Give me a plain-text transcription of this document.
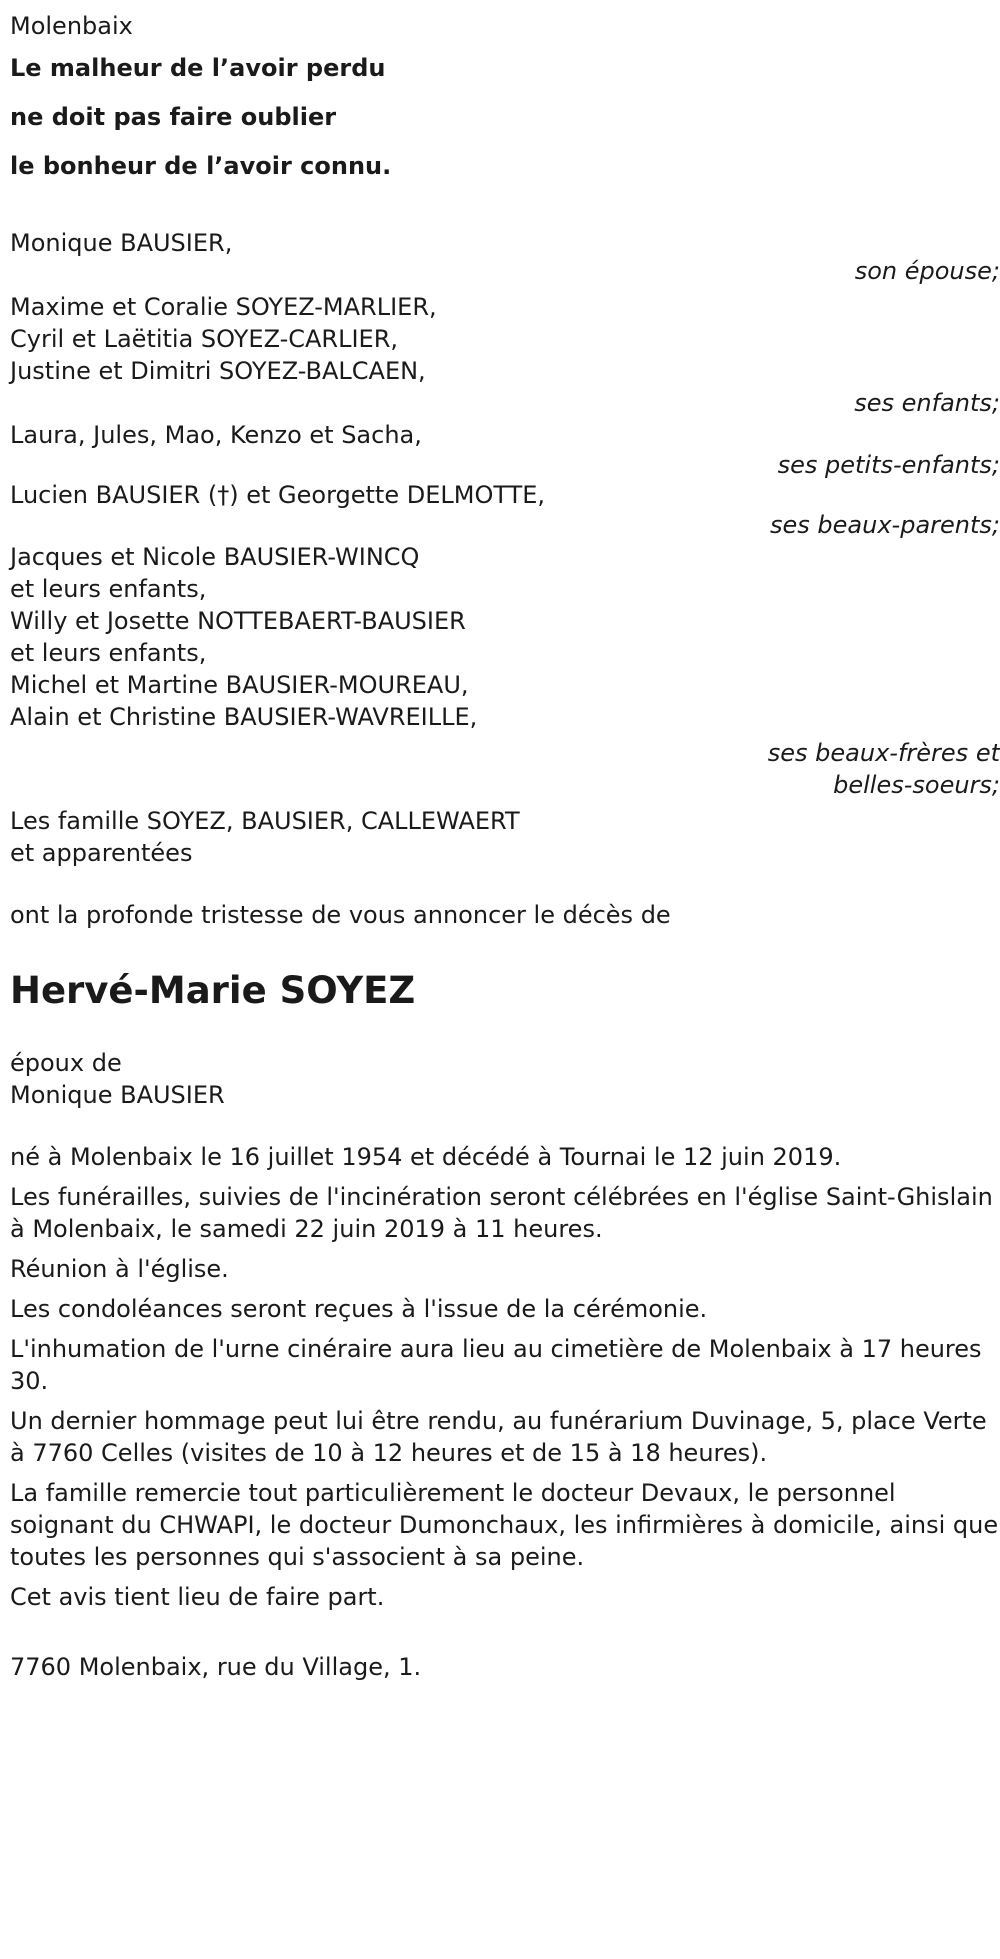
Molenbaix
Le malheur de l’avoir perdu
ne doit pas faire oublier
le bonheur de l’avoir connu.
Monique BAUSIER,
son épouse;
Maxime et Coralie SOYEZ-MARLIER,
Cyril et Laëtitia SOYEZ-CARLIER,
Justine et Dimitri SOYEZ-BALCAEN,
ses enfants;
Laura, Jules, Mao, Kenzo et Sacha,
ses petits-enfants;
Lucien BAUSIER (†) et Georgette DELMOTTE,
ses beaux-parents;
Jacques et Nicole BAUSIER-WINCQ
et leurs enfants,
Willy et Josette NOTTEBAERT-BAUSIER
et leurs enfants,
Michel et Martine BAUSIER-MOUREAU,
Alain et Christine BAUSIER-WAVREILLE,
ses beaux-frères et
belles-soeurs;
Les famille SOYEZ, BAUSIER, CALLEWAERT
et apparentées
ont la profonde tristesse de vous annoncer le décès de
Hervé-Marie SOYEZ
époux de
Monique BAUSIER
né à Molenbaix le 16 juillet 1954 et décédé à Tournai le 12 juin 2019.
Les funérailles, suivies de l'incinération seront célébrées en l'église Saint-Ghislain à Molenbaix, le samedi 22 juin 2019 à 11 heures.
Réunion à l'église.
Les condoléances seront reçues à l'issue de la cérémonie.
L'inhumation de l'urne cinéraire aura lieu au cimetière de Molenbaix à 17 heures 30.
Un dernier hommage peut lui être rendu, au funérarium Duvinage, 5, place Verte à 7760 Celles (visites de 10 à 12 heures et de 15 à 18 heures).
La famille remercie tout particulièrement le docteur Devaux, le personnel soignant du CHWAPI, le docteur Dumonchaux, les infirmières à domicile, ainsi que toutes les personnes qui s'associent à sa peine.
Cet avis tient lieu de faire part.
7760 Molenbaix, rue du Village, 1.
